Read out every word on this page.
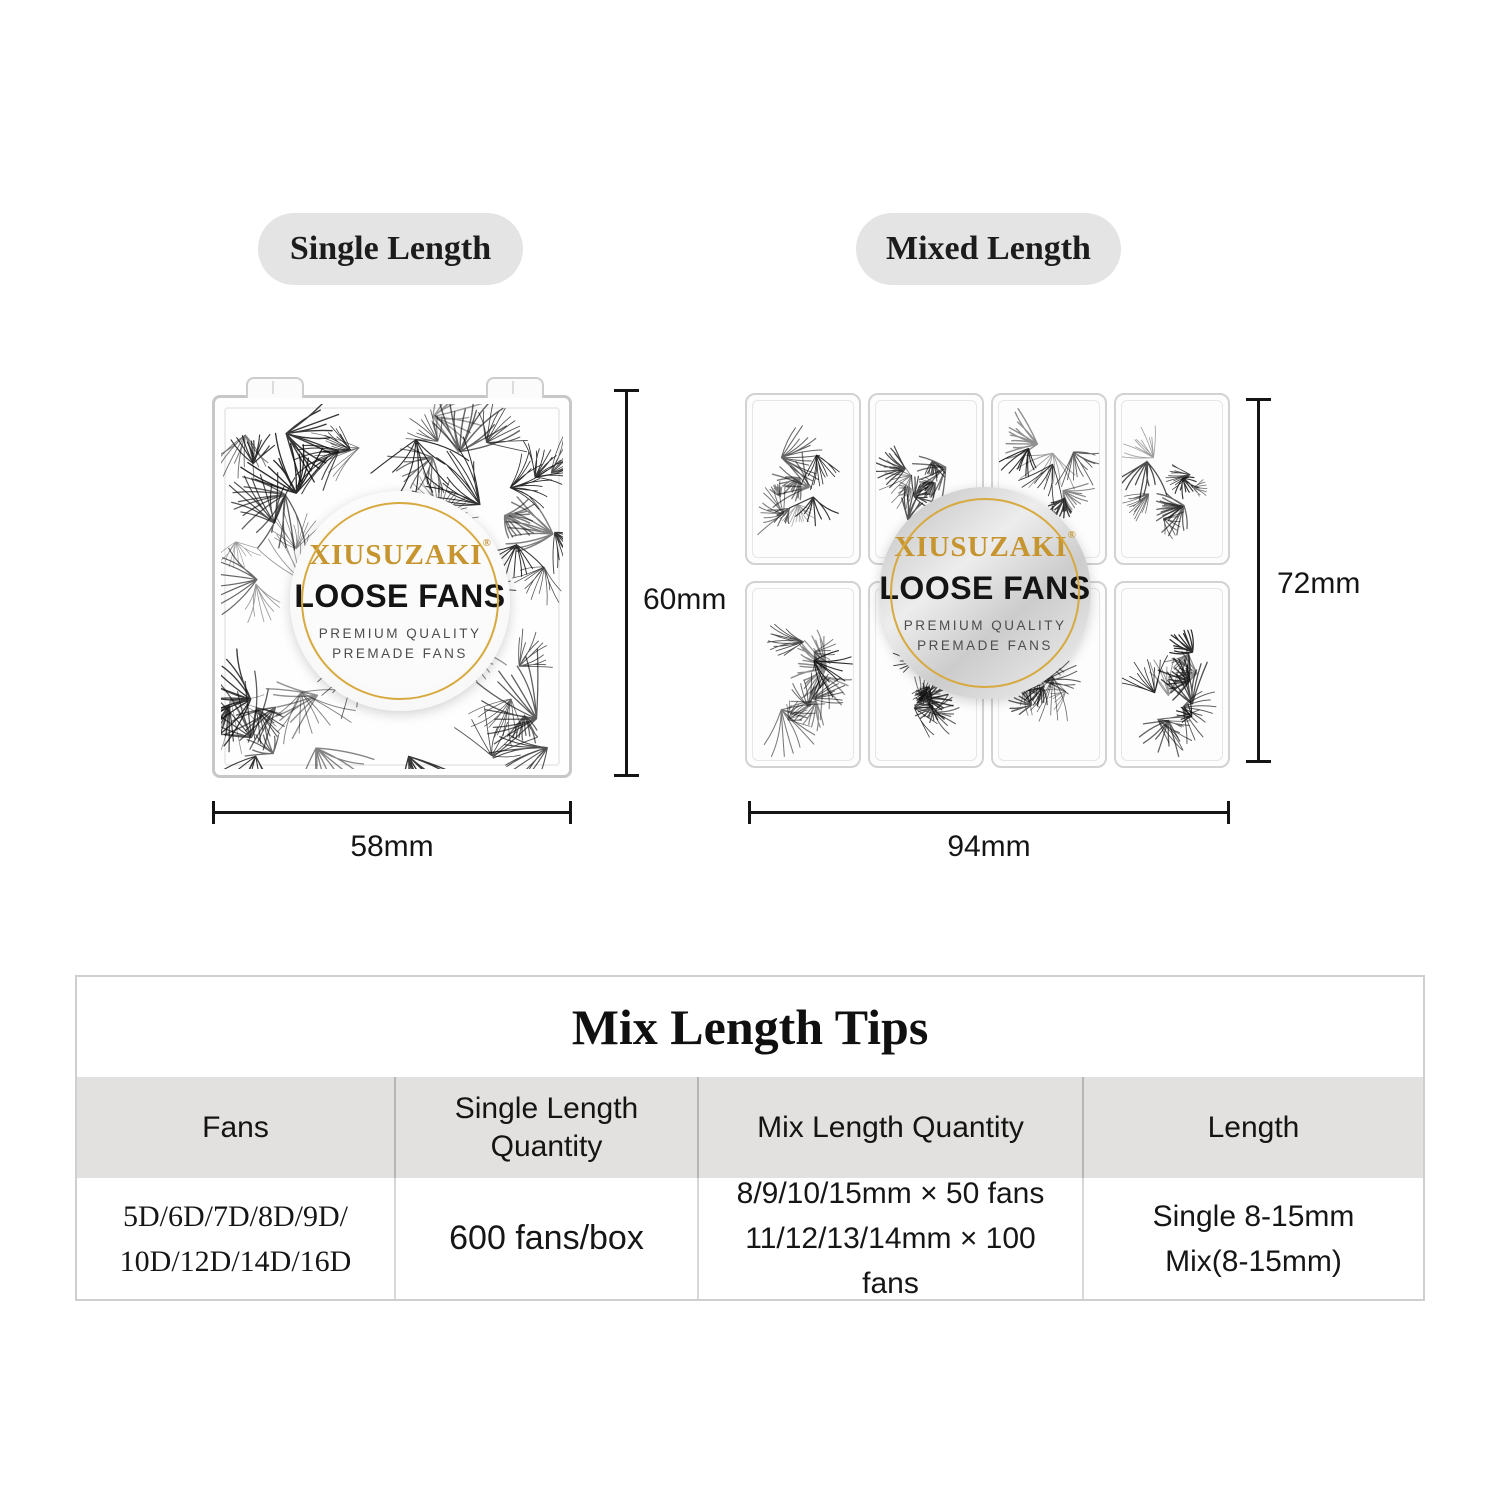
Single Length	Mixed Length
XIUSUZAKI®
LOOSE FANS
PREMIUM QUALITY PREMADE FANS
XIUSUZAKI®
LOOSE FANS
PREMIUM QUALITY PREMADE FANS
60mm
58mm
72mm
94mm
Mix Length Tips
Fans
Single Length Quantity
Mix Length Quantity	Length
5D/6D/7D/8D/9D/
10D/12D/14D/16D
600 fans/box
8/9/10/15mm × 50 fans
11/12/13/14mm × 100 fans
Single 8-15mm
Mix(8-15mm)
